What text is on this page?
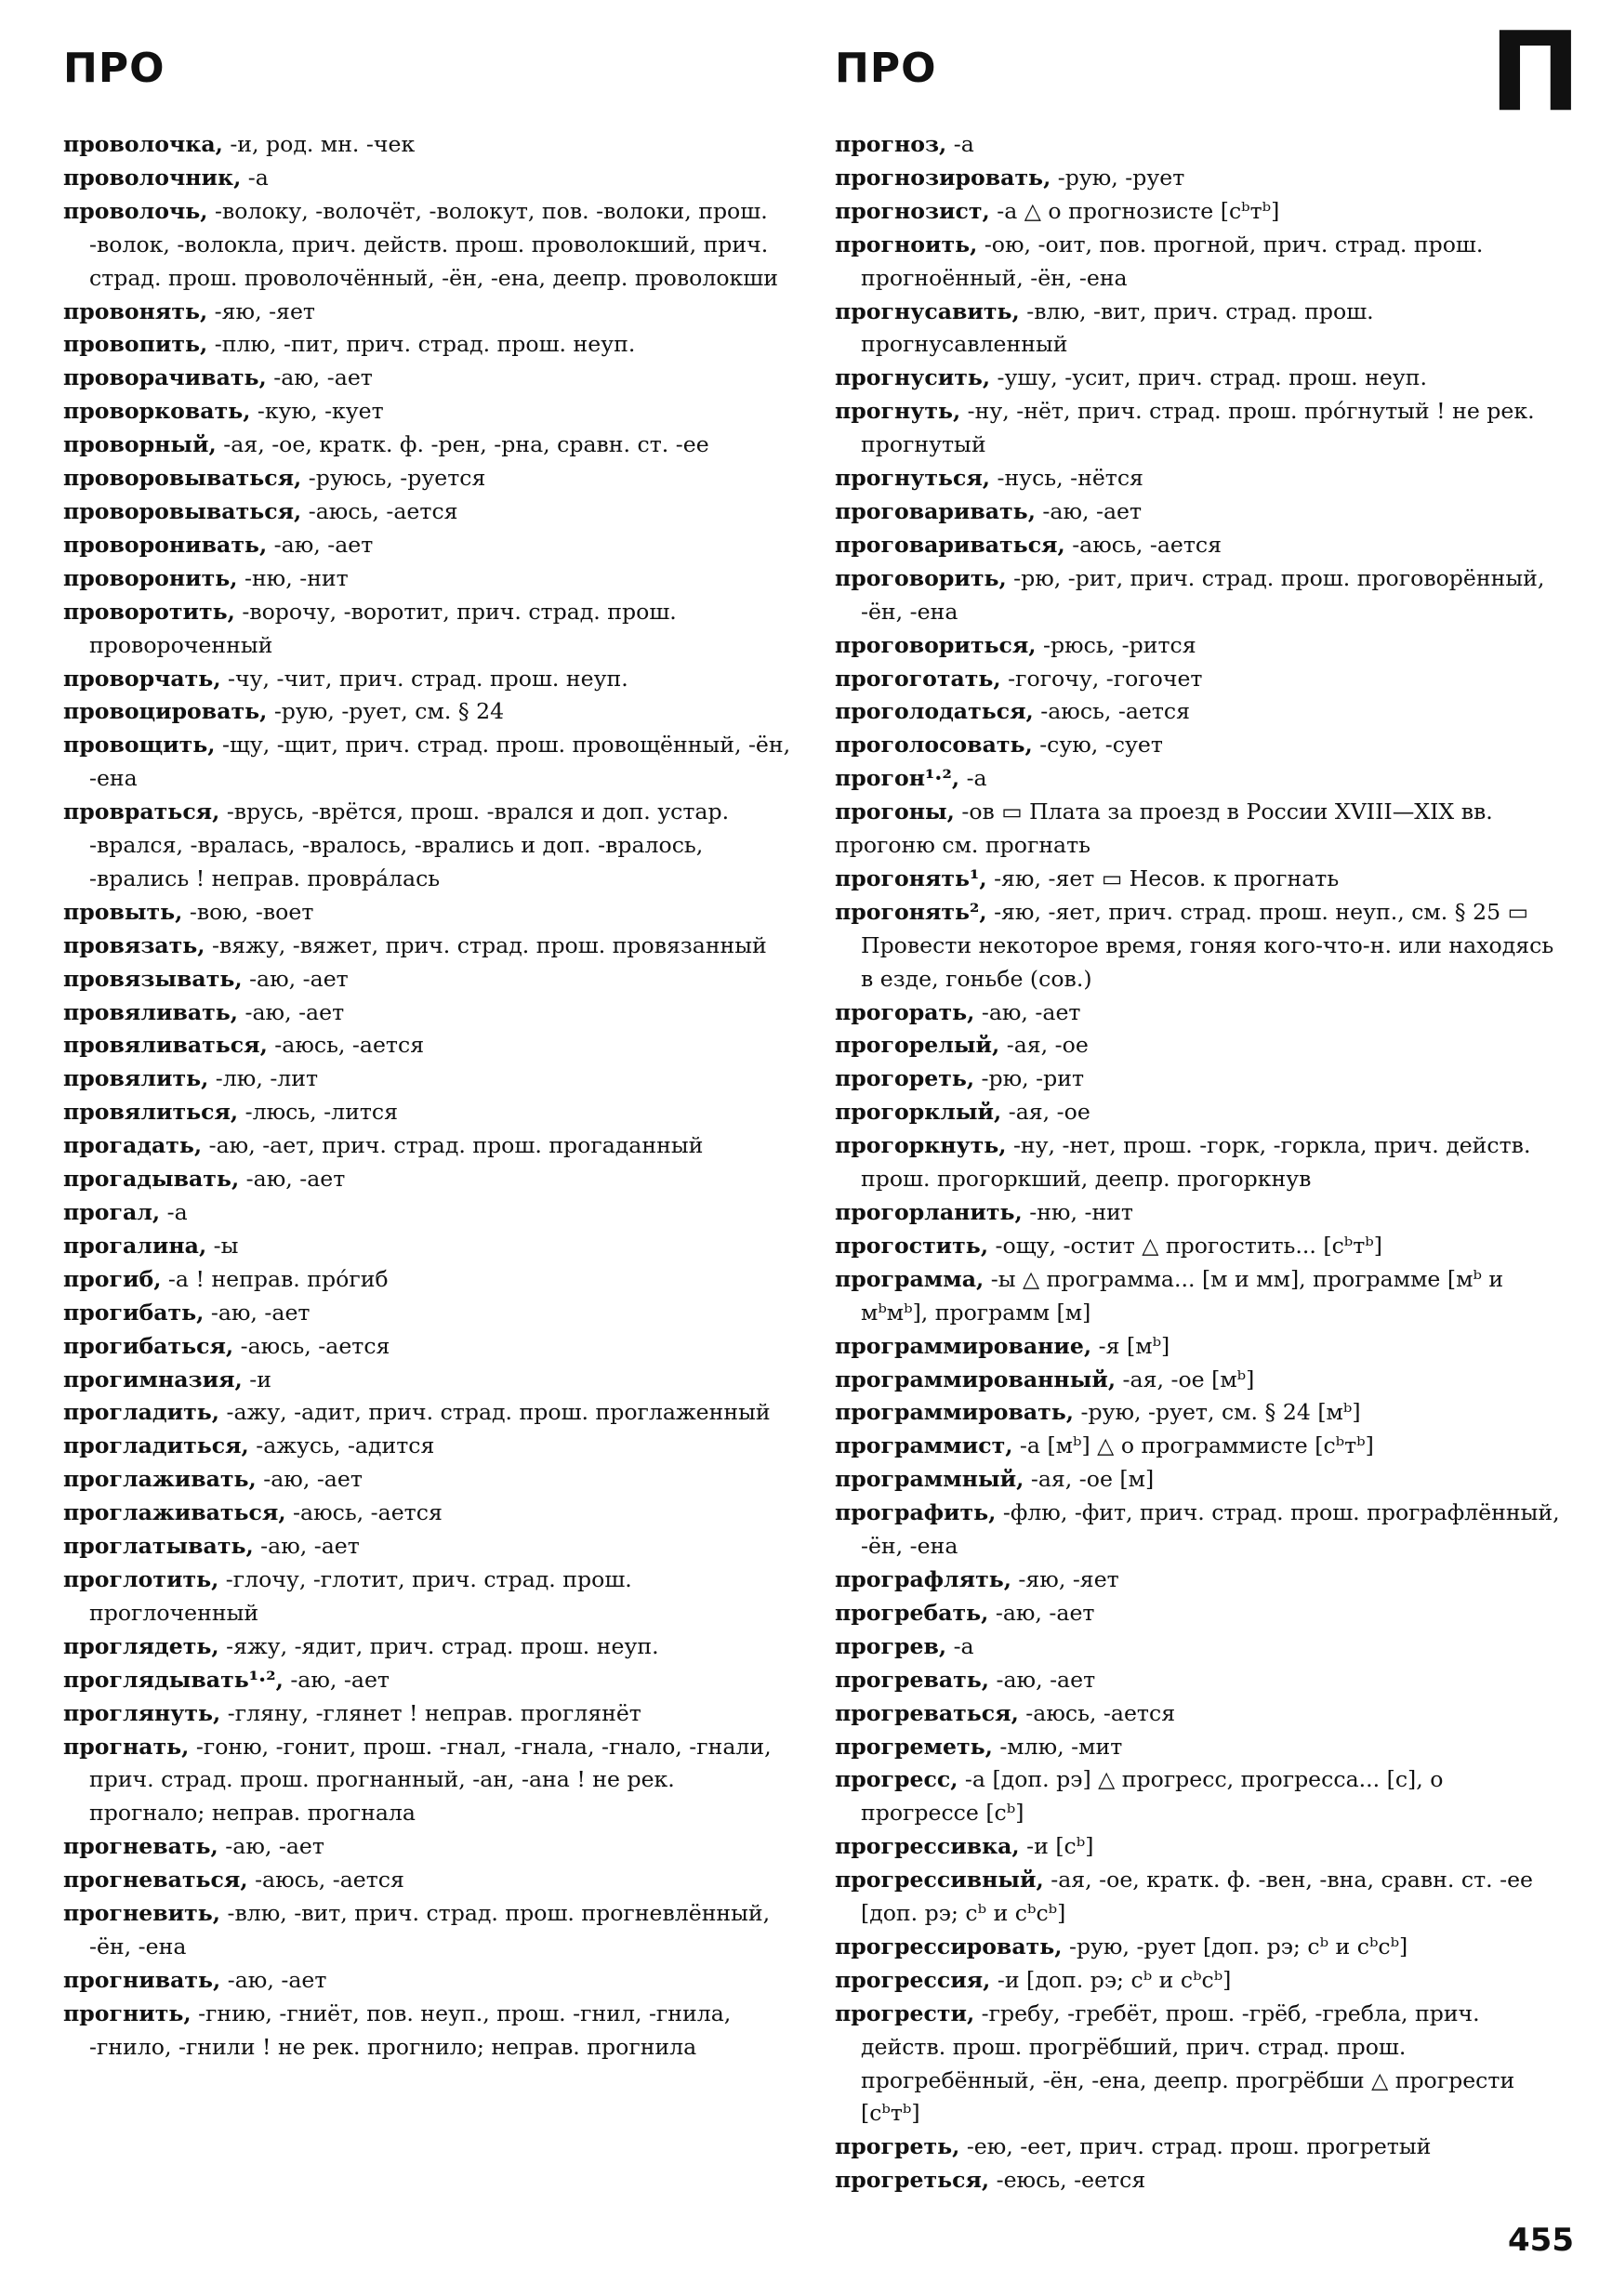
ПРО	ПРО	П
проволочка, -и, род. мн. -чек
проволочник, -а
проволочь, -волоку, -волочёт, -волокут, пов. -волоки, прош. -волок, -волокла, прич. действ. прош. проволокший, прич. страд. прош. проволочённый, -ён, -ена, деепр. проволокши
провонять, -яю, -яет
провопить, -плю, -пит, прич. страд. прош. неуп.
проворачивать, -аю, -ает
проворковать, -кую, -кует
проворный, -ая, -ое, кратк. ф. -рен, -рна, сравн. ст. -ее
проворовываться, -руюсь, -руется
проворовываться, -аюсь, -ается
провoронивать, -аю, -ает
проворонить, -ню, -нит
проворотить, -ворочу, -воротит, прич. страд. прош. проворoченный
проворчать, -чу, -чит, прич. страд. прош. неуп.
провоцировать, -рую, -рует, см. § 24
провощить, -щу, -щит, прич. страд. прош. провощённый, -ён, -ена
провраться, -врусь, -врётся, прош. -врался и доп. устар. -врался, -вралась, -вралось, -врались и доп. -вралось, -врались ! неправ. проврáлась
провыть, -вою, -воет
провязать, -вяжу, -вяжет, прич. страд. прош. провязанный
провязывать, -аю, -ает
провяливать, -аю, -ает
провяливаться, -аюсь, -ается
провялить, -лю, -лит
провялиться, -люсь, -лится
прогадать, -аю, -ает, прич. страд. прош. прогаданный
прогадывать, -аю, -ает
прогал, -а
прогалина, -ы
прогиб, -а ! неправ. прóгиб
прогибать, -аю, -ает
прогибаться, -аюсь, -ается
прогимназия, -и
прогладить, -ажу, -адит, прич. страд. прош. проглаженный
прогладиться, -ажусь, -адится
проглаживать, -аю, -ает
проглаживаться, -аюсь, -ается
проглатывать, -аю, -ает
проглотить, -глочу, -глотит, прич. страд. прош. проглоченный
проглядеть, -яжу, -ядит, прич. страд. прош. неуп.
проглядывать¹·², -аю, -ает
проглянуть, -гляну, -глянет ! неправ. проглянёт
прогнать, -гоню, -гонит, прош. -гнал, -гнала, -гнало, -гнали, прич. страд. прош. прогнанный, -ан, -ана ! не рек. прогнало; неправ. прогнала
прогневать, -аю, -ает
прогневаться, -аюсь, -ается
прогневить, -влю, -вит, прич. страд. прош. прогневлённый, -ён, -ена
прогнивать, -аю, -ает
прогнить, -гнию, -гниёт, пов. неуп., прош. -гнил, -гнила, -гнило, -гнили ! не рек. прогнило; неправ. прогнила
прогноз, -а
прогнозировать, -рую, -рует
прогнозист, -а △ о прогнозисте [сᵇтᵇ]
прогноить, -ою, -оит, пов. прогной, прич. страд. прош. прогноённый, -ён, -ена
прогнусавить, -влю, -вит, прич. страд. прош. прогнусавленный
прогнусить, -ушу, -усит, прич. страд. прош. неуп.
прогнуть, -ну, -нёт, прич. страд. прош. прóгнутый ! не рек. прогнутый
прогнуться, -нусь, -нётся
проговаривать, -аю, -ает
проговариваться, -аюсь, -ается
проговорить, -рю, -рит, прич. страд. прош. проговорённый, -ён, -ена
проговориться, -рюсь, -рится
прогоготать, -гогочу, -гогочет
проголодаться, -аюсь, -ается
проголосовать, -сую, -сует
прогон¹·², -а
прогоны, -ов ▭ Плата за проезд в России XVIII—XIX вв.
прогоню см. прогнать
прогонять¹, -яю, -яет ▭ Несов. к прогнать
прогонять², -яю, -яет, прич. страд. прош. неуп., см. § 25 ▭ Провести некоторое время, гоняя кого-что-н. или находясь в езде, гоньбе (сов.)
прогорать, -аю, -ает
прогорелый, -ая, -ое
прогореть, -рю, -рит
прогорклый, -ая, -ое
прогоркнуть, -ну, -нет, прош. -горк, -горкла, прич. действ. прош. прогоркший, деепр. прогоркнув
прогорланить, -ню, -нит
прогостить, -ощу, -остит △ прогостить... [сᵇтᵇ]
программа, -ы △ программа... [м и мм], программе [мᵇ и мᵇмᵇ], программ [м]
программирование, -я [мᵇ]
программированный, -ая, -ое [мᵇ]
программировать, -рую, -рует, см. § 24 [мᵇ]
программист, -а [мᵇ] △ о программисте [сᵇтᵇ]
программный, -ая, -ое [м]
прографить, -флю, -фит, прич. страд. прош. прографлённый, -ён, -ена
прографлять, -яю, -яет
прогребать, -аю, -ает
прогрев, -а
прогревать, -аю, -ает
прогреваться, -аюсь, -ается
прогреметь, -млю, -мит
прогресс, -а [доп. рэ] △ прогресс, прогресса... [с], о прогрессе [сᵇ]
прогрессивка, -и [сᵇ]
прогрессивный, -ая, -ое, кратк. ф. -вен, -вна, сравн. ст. -ее [доп. рэ; сᵇ и сᵇсᵇ]
прогрессировать, -рую, -рует [доп. рэ; сᵇ и сᵇсᵇ]
прогрессия, -и [доп. рэ; сᵇ и сᵇсᵇ]
прогрести, -гребу, -гребёт, прош. -грёб, -гребла, прич. действ. прош. прогрёбший, прич. страд. прош. прогребённый, -ён, -ена, деепр. прогрёбши △ прогрести [сᵇтᵇ]
прогреть, -ею, -еет, прич. страд. прош. прогретый
прогреться, -еюсь, -еется
455
